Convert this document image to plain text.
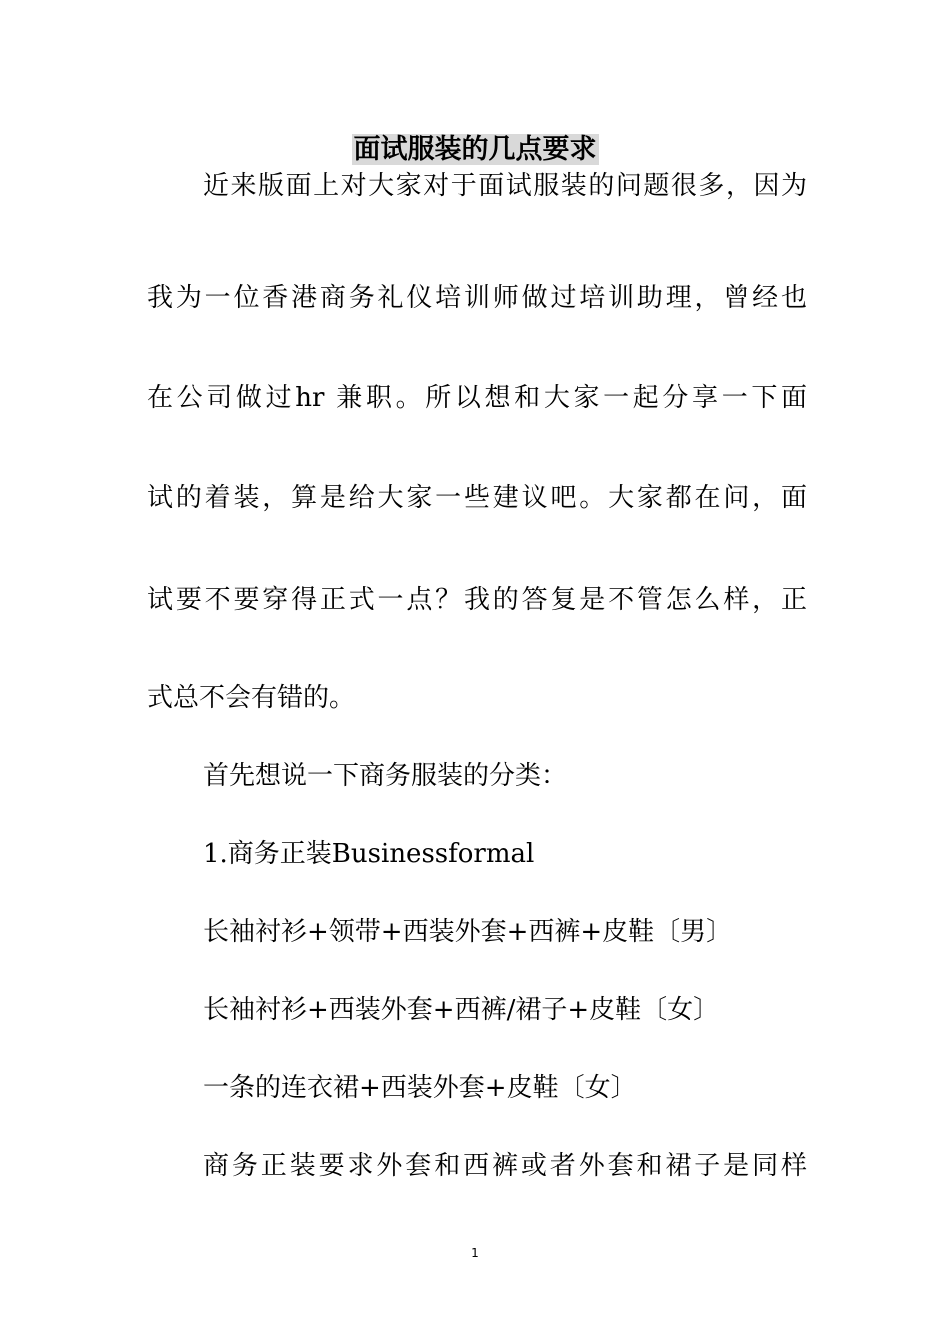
面试服装的几点要求
近来版面上对大家对于面试服装的问题很多，因为
我为一位香港商务礼仪培训师做过培训助理，曾经也
在公司做过hr 兼职。所以想和大家一起分享一下面
试的着装，算是给大家一些建议吧。大家都在问，面
试要不要穿得正式一点？我的答复是不管怎么样，正
式总不会有错的。
首先想说一下商务服装的分类：
1.商务正装Businessformal
长袖衬衫+领带+西装外套+西裤+皮鞋〔男〕
长袖衬衫+西装外套+西裤/裙子+皮鞋〔女〕
一条的连衣裙+西装外套+皮鞋〔女〕
商务正装要求外套和西裤或者外套和裙子是同样
1
